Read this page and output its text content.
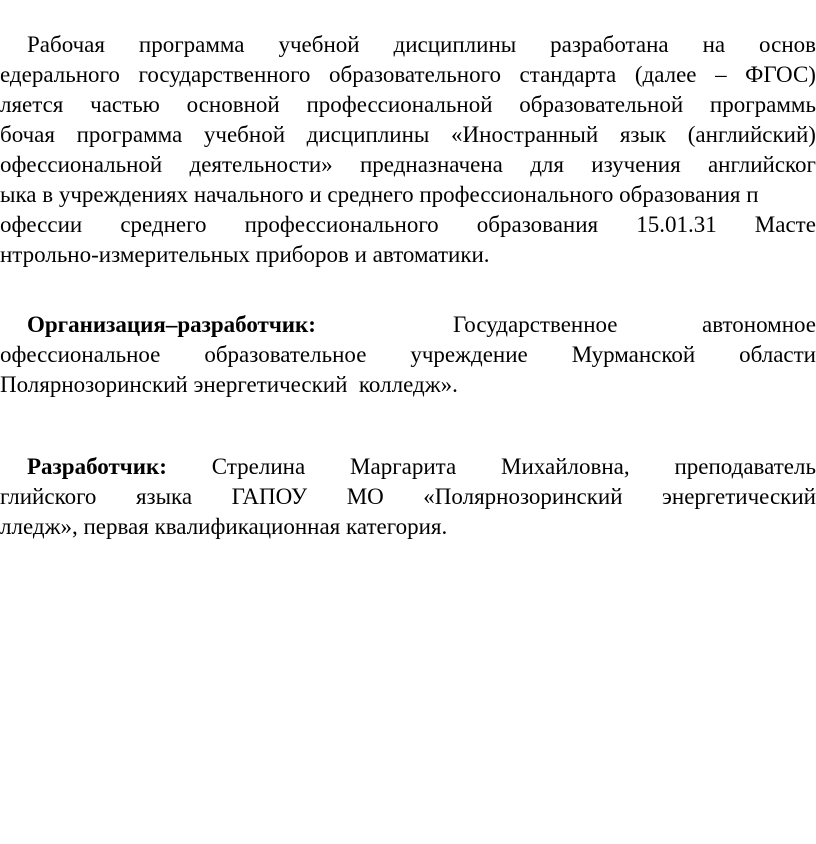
Рабочая программа учебной дисциплины разработана на основ
едерального государственного образовательного стандарта (далее – ФГОС)
ляется частью основной профессиональной образовательной программь
бочая программа учебной дисциплины «Иностранный язык (английский)
офессиональной деятельности» предназначена для изучения английског
ыка в учреждениях начального и среднего профессионального образования п
офессии среднего профессионального образования 15.01.31 Масте
нтрольно-измерительных приборов и автоматики.
Организация–разработчик:	Государственное	автономное
офессиональное образовательное учреждение Мурманской области
Полярнозоринский энергетический  колледж».
Разработчик: Стрелина Маргарита Михайловна, преподаватель
глийского языка ГАПОУ МО «Полярнозоринский энергетический
лледж», первая квалификационная категория.
